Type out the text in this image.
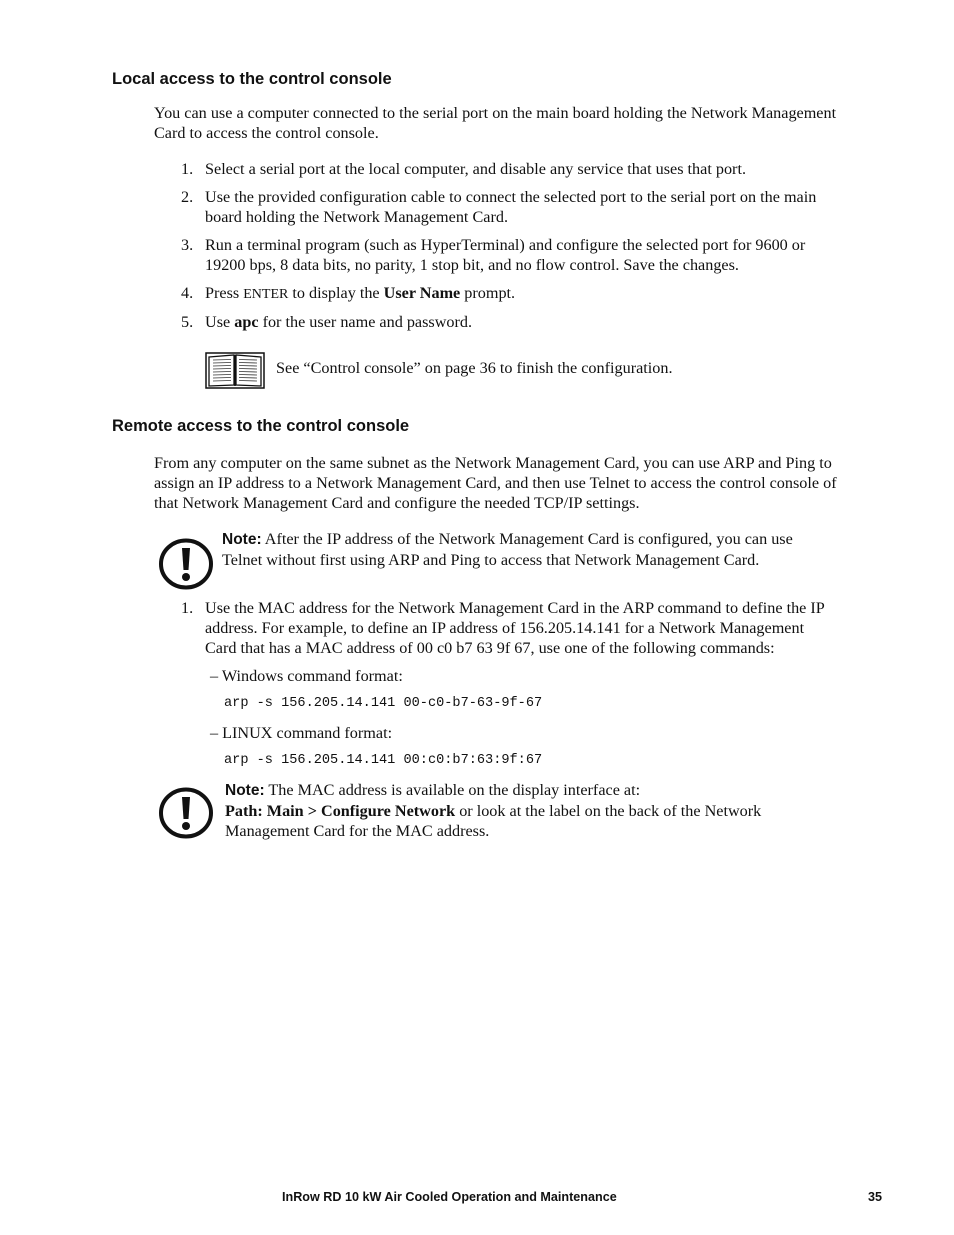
Local access to the control console
You can use a computer connected to the serial port on the main board holding the Network Management
Card to access the control console.
1. Select a serial port at the local computer, and disable any service that uses that port.
2. Use the provided configuration cable to connect the selected port to the serial port on the main
board holding the Network Management Card.
3. Run a terminal program (such as HyperTerminal) and configure the selected port for 9600 or
19200 bps, 8 data bits, no parity, 1 stop bit, and no flow control. Save the changes.
4. Press ENTER to display the User Name prompt.
5. Use apc for the user name and password.
See “Control console” on page 36 to finish the configuration.
Remote access to the control console
From any computer on the same subnet as the Network Management Card, you can use ARP and Ping to
assign an IP address to a Network Management Card, and then use Telnet to access the control console of
that Network Management Card and configure the needed TCP/IP settings.
Note: After the IP address of the Network Management Card is configured, you can use
Telnet without first using ARP and Ping to access that Network Management Card.
1. Use the MAC address for the Network Management Card in the ARP command to define the IP
address. For example, to define an IP address of 156.205.14.141 for a Network Management
Card that has a MAC address of 00 c0 b7 63 9f 67, use one of the following commands:
– Windows command format:
arp -s 156.205.14.141 00-c0-b7-63-9f-67
– LINUX command format:
arp -s 156.205.14.141 00:c0:b7:63:9f:67
Note: The MAC address is available on the display interface at:
Path: Main > Configure Network or look at the label on the back of the Network
Management Card for the MAC address.
InRow RD 10 kW Air Cooled Operation and Maintenance	35
